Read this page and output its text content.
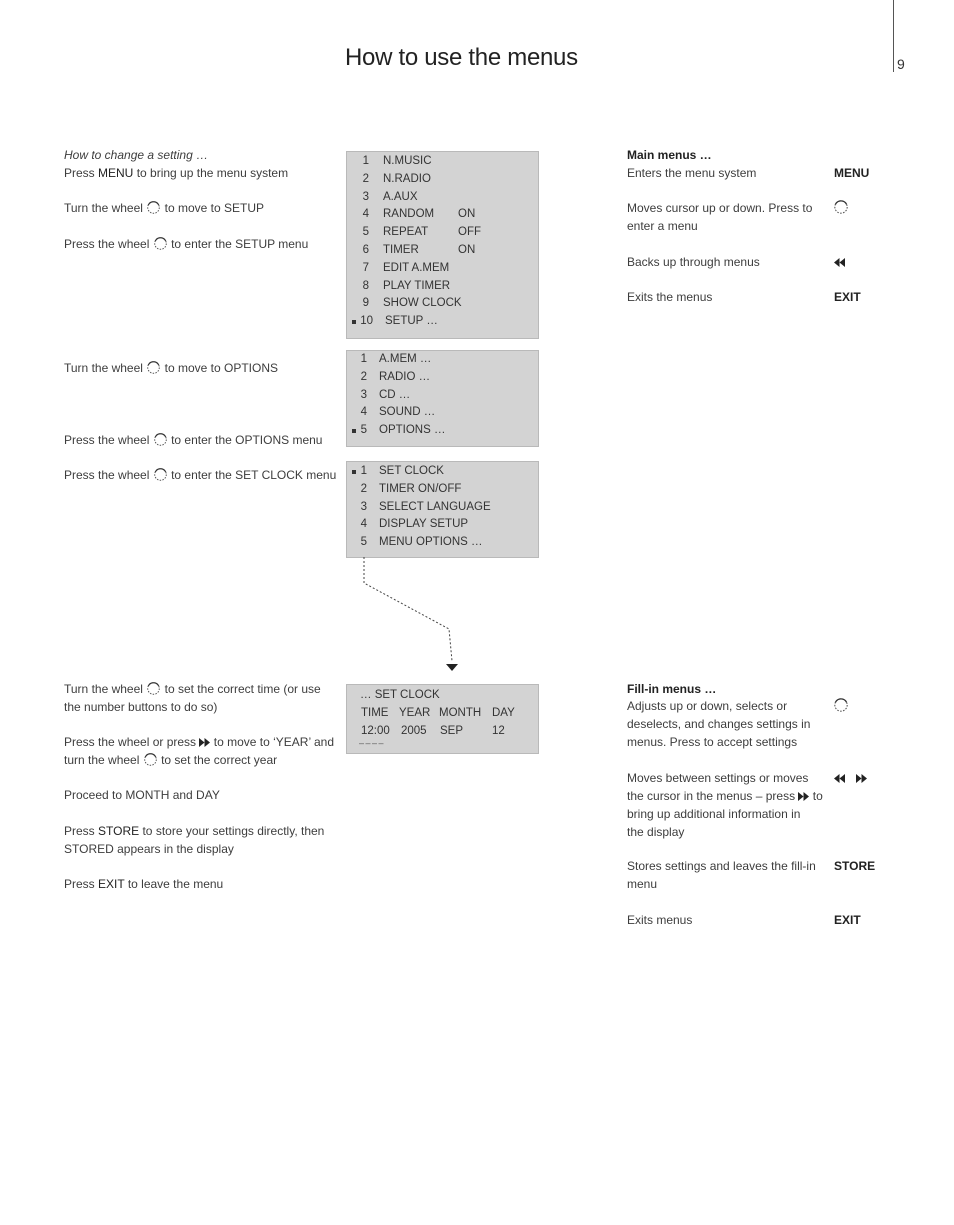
How to use the menus	9
How to change a setting …
Press MENU to bring up the menu system
Turn the wheel to move to SETUP
Press the wheel to enter the SETUP menu
Turn the wheel to move to OPTIONS
Press the wheel to enter the OPTIONS menu
Press the wheel to enter the SET CLOCK menu
Turn the wheel to set the correct time (or use
the number buttons to do so)
Press the wheel or press to move to ‘YEAR’ and
turn the wheel to set the correct year
Proceed to MONTH and DAY
Press STORE to store your settings directly, then
STORED appears in the display
Press EXIT to leave the menu
1 N.MUSIC
2 N.RADIO
3 A.AUX
4 RANDOM ON
5 REPEAT	OFF
6 TIMER	ON
7 EDIT A.MEM
8 PLAY TIMER
9 SHOW CLOCK
10 SETUP …
1 A.MEM …
2 RADIO …
3 CD …
4 SOUND …
5 OPTIONS …
1 SET CLOCK
2 TIMER ON/OFF
3 SELECT LANGUAGE
4 DISPLAY SETUP
5 MENU OPTIONS …
… SET CLOCK
TIME YEAR MONTH DAY
12:00 2005 SEP	12
– – – –
Main menus …
Enters the menu system	MENU
Moves cursor up or down. Press to
enter a menu
Backs up through menus
Exits the menus	EXIT
Fill-in menus …
Adjusts up or down, selects or
deselects, and changes settings in
menus. Press to accept settings
Moves between settings or moves
the cursor in the menus – press to
bring up additional information in
the display
Stores settings and leaves the fill-in
menu
STORE
Exits menus	EXIT
